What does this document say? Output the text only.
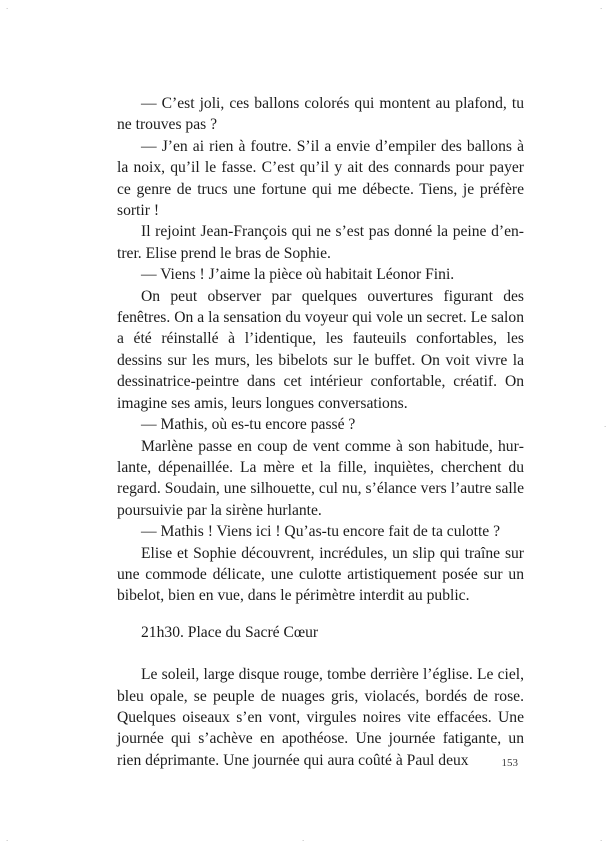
·	·
·	·
·
·

— C’est joli, ces ballons colorés qui montent au plafond, tu ne trouves pas ?

— J’en ai rien à foutre. S’il a envie d’empiler des ballons à la noix, qu’il le fasse. C’est qu’il y ait des connards pour payer ce genre de trucs une fortune qui me débecte. Tiens, je préfère sortir !

Il rejoint Jean-François qui ne s’est pas donné la peine d’entrer. Elise prend le bras de Sophie.

— Viens ! J’aime la pièce où habitait Léonor Fini.

On peut observer par quelques ouvertures figurant des fenêtres. On a la sensation du voyeur qui vole un secret. Le salon a été réinstallé à l’identique, les fauteuils confortables, les dessins sur les murs, les bibelots sur le buffet. On voit vivre la dessinatrice-peintre dans cet intérieur confortable, créatif. On imagine ses amis, leurs longues conversations.

— Mathis, où es-tu encore passé ?

Marlène passe en coup de vent comme à son habitude, hurlante, dépenaillée. La mère et la fille, inquiètes, cherchent du regard. Soudain, une silhouette, cul nu, s’élance vers l’autre salle poursuivie par la sirène hurlante.

— Mathis ! Viens ici ! Qu’as-tu encore fait de ta culotte ?

Elise et Sophie découvrent, incrédules, un slip qui traîne sur une commode délicate, une culotte artistiquement posée sur un bibelot, bien en vue, dans le périmètre interdit au public.

21h30. Place du Sacré Cœur

Le soleil, large disque rouge, tombe derrière l’église. Le ciel, bleu opale, se peuple de nuages gris, violacés, bordés de rose. Quelques oiseaux s’en vont, virgules noires vite effacées. Une journée qui s’achève en apothéose. Une journée fatigante, un rien déprimante. Une journée qui aura coûté à Paul deux	153
